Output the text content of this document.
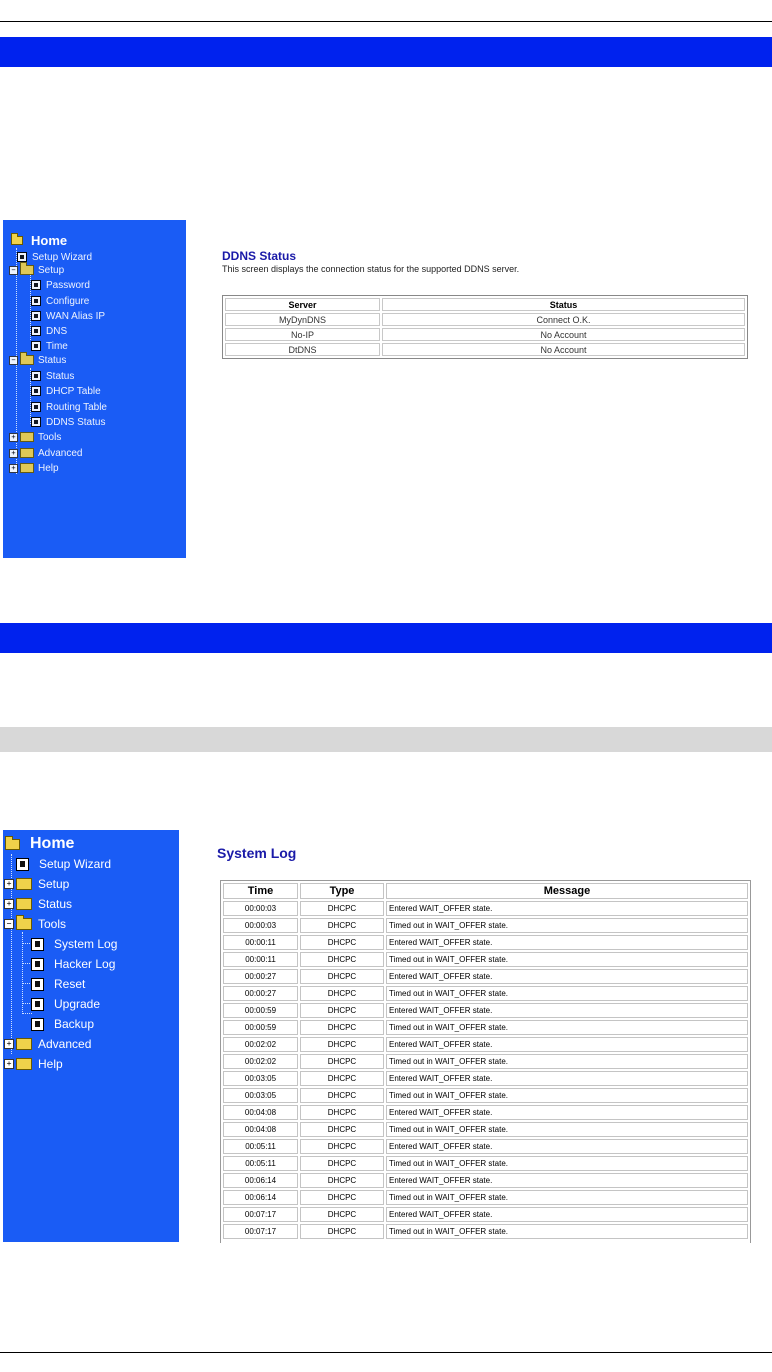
Home
Setup Wizard
− Setup
Password
Configure
WAN Alias IP
DNS
Time
− Status
Status
DHCP Table
Routing Table
DDNS Status
+ Tools
+ Advanced
+ Help
DDNS Status
This screen displays the connection status for the supported DDNS server.
Server	Status
MyDynDNS	Connect O.K.
No-IP	No Account
DtDNS	No Account
Home
Setup Wizard
+ Setup
+ Status
− Tools
System Log
Hacker Log
Reset
Upgrade
Backup
+ Advanced
+ Help
System Log
Time	Type	Message
00:00:03	DHCPC	Entered WAIT_OFFER state.
00:00:03	DHCPC	Timed out in WAIT_OFFER state.
00:00:11	DHCPC	Entered WAIT_OFFER state.
00:00:11	DHCPC	Timed out in WAIT_OFFER state.
00:00:27	DHCPC	Entered WAIT_OFFER state.
00:00:27	DHCPC	Timed out in WAIT_OFFER state.
00:00:59	DHCPC	Entered WAIT_OFFER state.
00:00:59	DHCPC	Timed out in WAIT_OFFER state.
00:02:02	DHCPC	Entered WAIT_OFFER state.
00:02:02	DHCPC	Timed out in WAIT_OFFER state.
00:03:05	DHCPC	Entered WAIT_OFFER state.
00:03:05	DHCPC	Timed out in WAIT_OFFER state.
00:04:08	DHCPC	Entered WAIT_OFFER state.
00:04:08	DHCPC	Timed out in WAIT_OFFER state.
00:05:11	DHCPC	Entered WAIT_OFFER state.
00:05:11	DHCPC	Timed out in WAIT_OFFER state.
00:06:14	DHCPC	Entered WAIT_OFFER state.
00:06:14	DHCPC	Timed out in WAIT_OFFER state.
00:07:17	DHCPC	Entered WAIT_OFFER state.
00:07:17	DHCPC	Timed out in WAIT_OFFER state.
